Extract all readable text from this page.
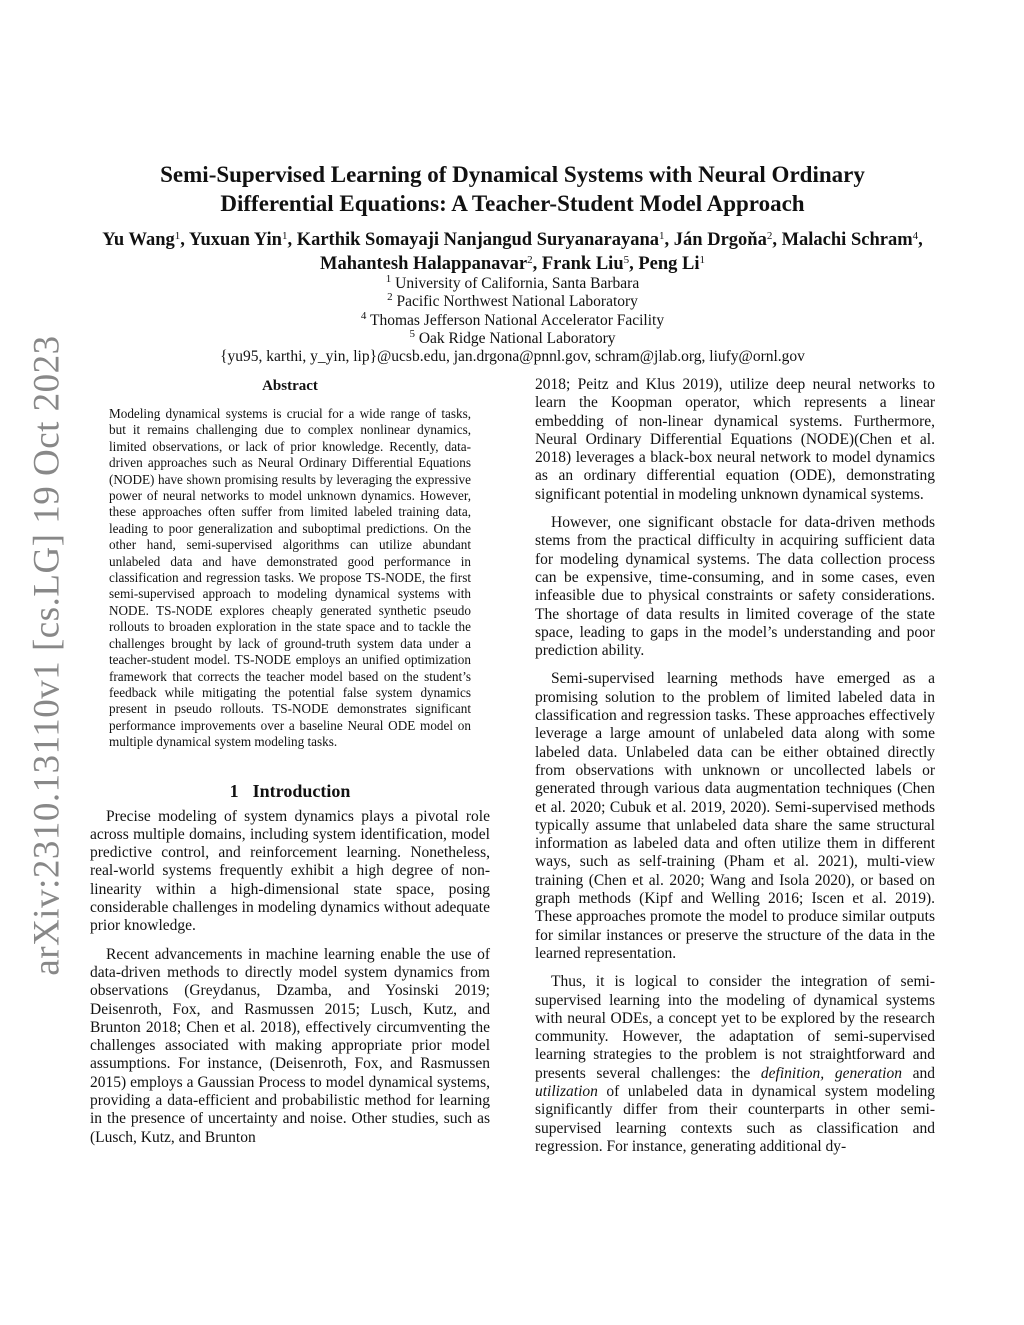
arXiv:2310.13110v1 [cs.LG] 19 Oct 2023
Semi-Supervised Learning of Dynamical Systems with Neural Ordinary
Differential Equations: A Teacher-Student Model Approach
Yu Wang$^1$, Yuxuan Yin$^1$, Karthik Somayaji Nanjangud Suryanarayana$^1$, Ján Drgoňa$^2$, Malachi Schram$^4$, Mahantesh Halappanavar$^2$, Frank Liu$^5$, Peng Li$^1$
$^1$ University of California, Santa Barbara
$^2$ Pacific Northwest National Laboratory
$^4$ Thomas Jefferson National Accelerator Facility
$^5$ Oak Ridge National Laboratory
{yu95, karthi, y_yin, lip}@ucsb.edu, jan.drgona@pnnl.gov, schram@jlab.org, liufy@ornl.gov
Abstract

Modeling dynamical systems is crucial for a wide range of tasks, but it remains challenging due to complex nonlinear dynamics, limited observations, or lack of prior knowledge. Recently, data-driven approaches such as Neural Ordinary Differential Equations (NODE) have shown promising results by leveraging the expressive power of neural networks to model unknown dynamics. However, these approaches often suffer from limited labeled training data, leading to poor generalization and suboptimal predictions. On the other hand, semi-supervised algorithms can utilize abundant unlabeled data and have demonstrated good performance in classification and regression tasks. We propose TS-NODE, the first semi-supervised approach to modeling dynamical systems with NODE. TS-NODE explores cheaply generated synthetic pseudo rollouts to broaden exploration in the state space and to tackle the challenges brought by lack of ground-truth system data under a teacher-student model. TS-NODE employs an unified optimization framework that corrects the teacher model based on the student’s feedback while mitigating the potential false system dynamics present in pseudo rollouts. TS-NODE demonstrates significant performance improvements over a baseline Neural ODE model on multiple dynamical system modeling tasks.

1 Introduction

Precise modeling of system dynamics plays a pivotal role across multiple domains, including system identification, model predictive control, and reinforcement learning. Nonetheless, real-world systems frequently exhibit a high degree of non-linearity within a high-dimensional state space, posing considerable challenges in modeling dynamics without adequate prior knowledge.

Recent advancements in machine learning enable the use of data-driven methods to directly model system dynamics from observations (Greydanus, Dzamba, and Yosinski 2019; Deisenroth, Fox, and Rasmussen 2015; Lusch, Kutz, and Brunton 2018; Chen et al. 2018), effectively circumventing the challenges associated with making appropriate prior model assumptions. For instance, (Deisenroth, Fox, and Rasmussen 2015) employs a Gaussian Process to model dynamical systems, providing a data-efficient and probabilistic method for learning in the presence of uncertainty and noise. Other studies, such as (Lusch, Kutz, and Brunton

2018; Peitz and Klus 2019), utilize deep neural networks to learn the Koopman operator, which represents a linear embedding of non-linear dynamical systems. Furthermore, Neural Ordinary Differential Equations (NODE)(Chen et al. 2018) leverages a black-box neural network to model dynamics as an ordinary differential equation (ODE), demonstrating significant potential in modeling unknown dynamical systems.

However, one significant obstacle for data-driven methods stems from the practical difficulty in acquiring sufficient data for modeling dynamical systems. The data collection process can be expensive, time-consuming, and in some cases, even infeasible due to physical constraints or safety considerations. The shortage of data results in limited coverage of the state space, leading to gaps in the model’s understanding and poor prediction ability.

Semi-supervised learning methods have emerged as a promising solution to the problem of limited labeled data in classification and regression tasks. These approaches effectively leverage a large amount of unlabeled data along with some labeled data. Unlabeled data can be either obtained directly from observations with unknown or uncollected labels or generated through various data augmentation techniques (Chen et al. 2020; Cubuk et al. 2019, 2020). Semi-supervised methods typically assume that unlabeled data share the same structural information as labeled data and often utilize them in different ways, such as self-training (Pham et al. 2021), multi-view training (Chen et al. 2020; Wang and Isola 2020), or based on graph methods (Kipf and Welling 2016; Iscen et al. 2019). These approaches promote the model to produce similar outputs for similar instances or preserve the structure of the data in the learned representation.

Thus, it is logical to consider the integration of semi-supervised learning into the modeling of dynamical systems with neural ODEs, a concept yet to be explored by the research community. However, the adaptation of semi-supervised learning strategies to the problem is not straightforward and presents several challenges: the definition, generation and utilization of unlabeled data in dynamical system modeling significantly differ from their counterparts in other semi-supervised learning contexts such as classification and regression. For instance, generating additional dy-
